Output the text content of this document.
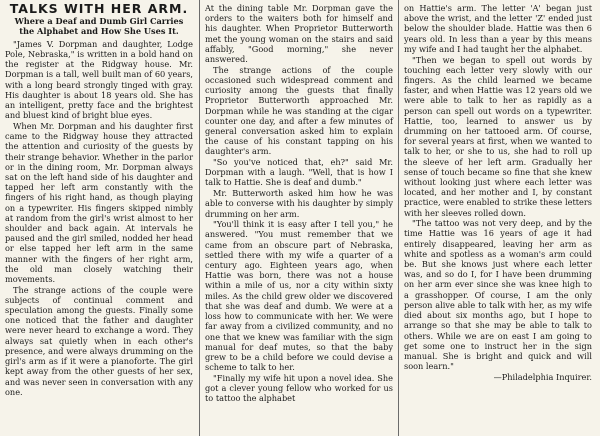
TALKS WITH HER ARM.
Where a Deaf and Dumb Girl Carries the Alphabet and How She Uses It.

"James V. Dorpman and daughter, Lodge Pole, Nebraska," is written in a bold hand on the register at the Ridgway house. Mr. Dorpman is a tall, well built man of 60 years, with a long beard strongly tinged with gray. His daughter is about 18 years old. She has an intelligent, pretty face and the brightest and bluest kind of bright blue eyes.

When Mr. Dorpman and his daughter first came to the Ridgway house they attracted the attention and curiosity of the guests by their strange behavior. Whether in the parlor or in the dining room, Mr. Dorpman always sat on the left hand side of his daughter and tapped her left arm constantly with the fingers of his right hand, as though playing on a typewriter. His fingers skipped nimbly at random from the girl's wrist almost to her shoulder and back again. At intervals he paused and the girl smiled, nodded her head or else tapped her left arm in the same manner with the fingers of her right arm, the old man closely watching their movements.

The strange actions of the couple were subjects of continual comment and speculation among the guests. Finally some one noticed that the father and daughter were never heard to exchange a word. They always sat quietly when in each other's presence, and were always drumming on the girl's arm as if it were a pianoforte. The girl kept away from the other guests of her sex, and was never seen in conversation with any one.

At the dining table Mr. Dorpman gave the orders to the waiters both for himself and his daughter. When Proprietor Butterworth met the young woman on the stairs and said affably, "Good morning," she never answered.

The strange actions of the couple occasioned such widespread comment and curiosity among the guests that finally Proprietor Butterworth approached Mr. Dorpman while he was standing at the cigar counter one day, and after a few minutes of general conversation asked him to explain the cause of his constant tapping on his daughter's arm.

"So you've noticed that, eh?" said Mr. Dorpman with a laugh. "Well, that is how I talk to Hattie. She is deaf and dumb."

Mr. Butterworth asked him how he was able to converse with his daughter by simply drumming on her arm.

"You'll think it is easy after I tell you," he answered. "You must remember that we came from an obscure part of Nebraska, settled there with my wife a quarter of a century ago. Eighteen years ago, when Hattie was born, there was not a house within a mile of us, nor a city within sixty miles. As the child grew older we discovered that she was deaf and dumb. We were at a loss how to communicate with her. We were far away from a civilized community, and no one that we knew was familiar with the sign manual for deaf mutes, so that the baby grew to be a child before we could devise a scheme to talk to her.

"Finally my wife hit upon a novel idea. She got a clever young fellow who worked for us to tattoo the alphabet

on Hattie's arm. The letter 'A' began just above the wrist, and the letter 'Z' ended just below the shoulder blade. Hattie was then 6 years old. In less than a year by this means my wife and I had taught her the alphabet.

"Then we began to spell out words by touching each letter very slowly with our fingers. As the child learned we became faster, and when Hattie was 12 years old we were able to talk to her as rapidly as a person can spell out words on a typewriter. Hattie, too, learned to answer us by drumming on her tattooed arm. Of course, for several years at first, when we wanted to talk to her, or she to us, she had to roll up the sleeve of her left arm. Gradually her sense of touch became so fine that she knew without looking just where each letter was located, and her mother and I, by constant practice, were enabled to strike these letters with her sleeves rolled down.

"The tattoo was not very deep, and by the time Hattie was 16 years of age it had entirely disappeared, leaving her arm as white and spotless as a woman's arm could be. But she knows just where each letter was, and so do I, for I have been drumming on her arm ever since she was knee high to a grasshopper. Of course, I am the only person alive able to talk with her, as my wife died about six months ago, but I hope to arrange so that she may be able to talk to others. While we are on east I am going to get some one to instruct her in the sign manual. She is bright and quick and will soon learn."

—Philadelphia Inquirer.
